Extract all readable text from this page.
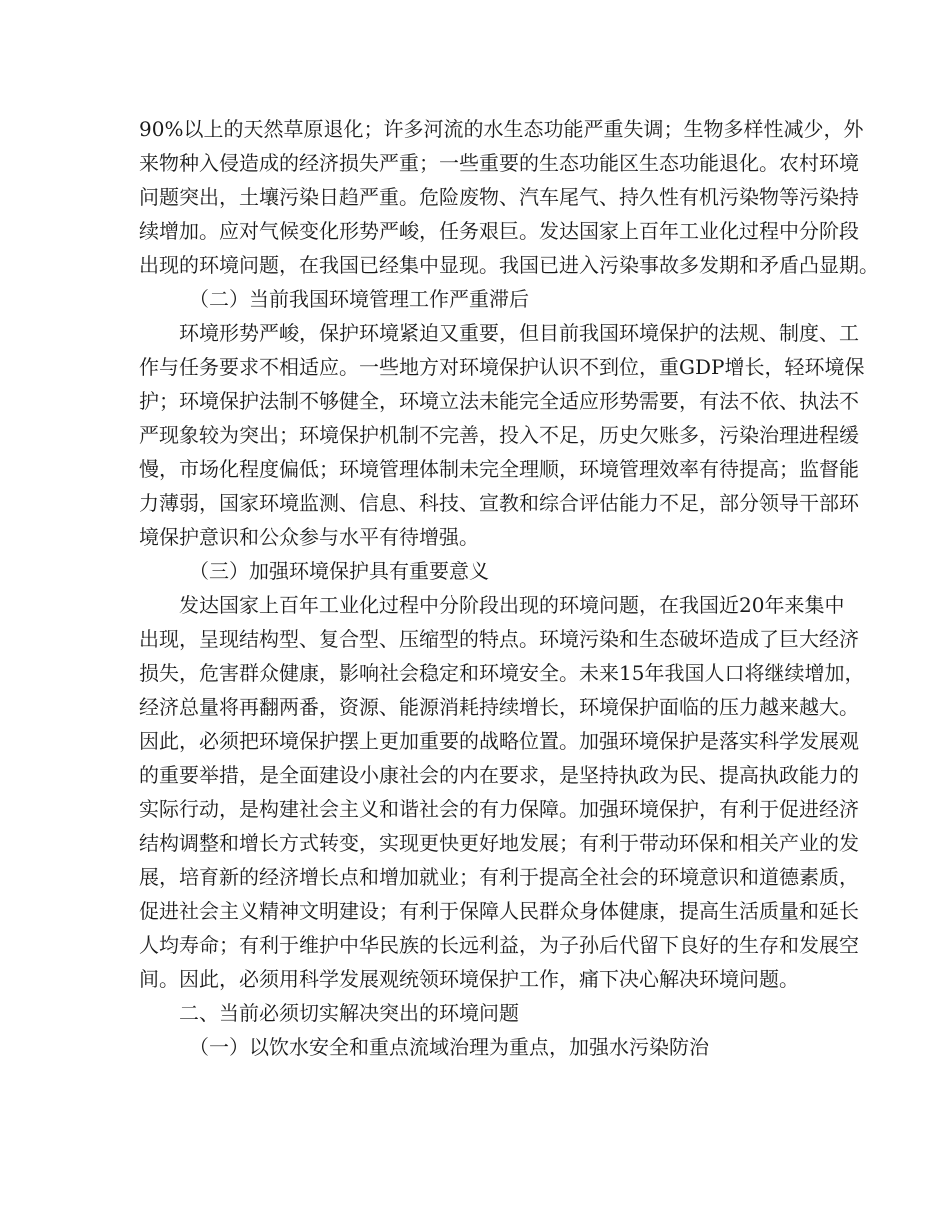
90%以上的天然草原退化；许多河流的水生态功能严重失调；生物多样性减少，外
来物种入侵造成的经济损失严重；一些重要的生态功能区生态功能退化。农村环境
问题突出，土壤污染日趋严重。危险废物、汽车尾气、持久性有机污染物等污染持
续增加。应对气候变化形势严峻，任务艰巨。发达国家上百年工业化过程中分阶段
出现的环境问题，在我国已经集中显现。我国已进入污染事故多发期和矛盾凸显期。
（二）当前我国环境管理工作严重滞后
环境形势严峻，保护环境紧迫又重要，但目前我国环境保护的法规、制度、工
作与任务要求不相适应。一些地方对环境保护认识不到位，重GDP增长，轻环境保
护；环境保护法制不够健全，环境立法未能完全适应形势需要，有法不依、执法不
严现象较为突出；环境保护机制不完善，投入不足，历史欠账多，污染治理进程缓
慢，市场化程度偏低；环境管理体制未完全理顺，环境管理效率有待提高；监督能
力薄弱，国家环境监测、信息、科技、宣教和综合评估能力不足，部分领导干部环
境保护意识和公众参与水平有待增强。
（三）加强环境保护具有重要意义
发达国家上百年工业化过程中分阶段出现的环境问题，在我国近20年来集中
出现，呈现结构型、复合型、压缩型的特点。环境污染和生态破坏造成了巨大经济
损失，危害群众健康，影响社会稳定和环境安全。未来15年我国人口将继续增加，
经济总量将再翻两番，资源、能源消耗持续增长，环境保护面临的压力越来越大。
因此，必须把环境保护摆上更加重要的战略位置。加强环境保护是落实科学发展观
的重要举措，是全面建设小康社会的内在要求，是坚持执政为民、提高执政能力的
实际行动，是构建社会主义和谐社会的有力保障。加强环境保护，有利于促进经济
结构调整和增长方式转变，实现更快更好地发展；有利于带动环保和相关产业的发
展，培育新的经济增长点和增加就业；有利于提高全社会的环境意识和道德素质，
促进社会主义精神文明建设；有利于保障人民群众身体健康，提高生活质量和延长
人均寿命；有利于维护中华民族的长远利益，为子孙后代留下良好的生存和发展空
间。因此，必须用科学发展观统领环境保护工作，痛下决心解决环境问题。
二、当前必须切实解决突出的环境问题
（一）以饮水安全和重点流域治理为重点，加强水污染防治
